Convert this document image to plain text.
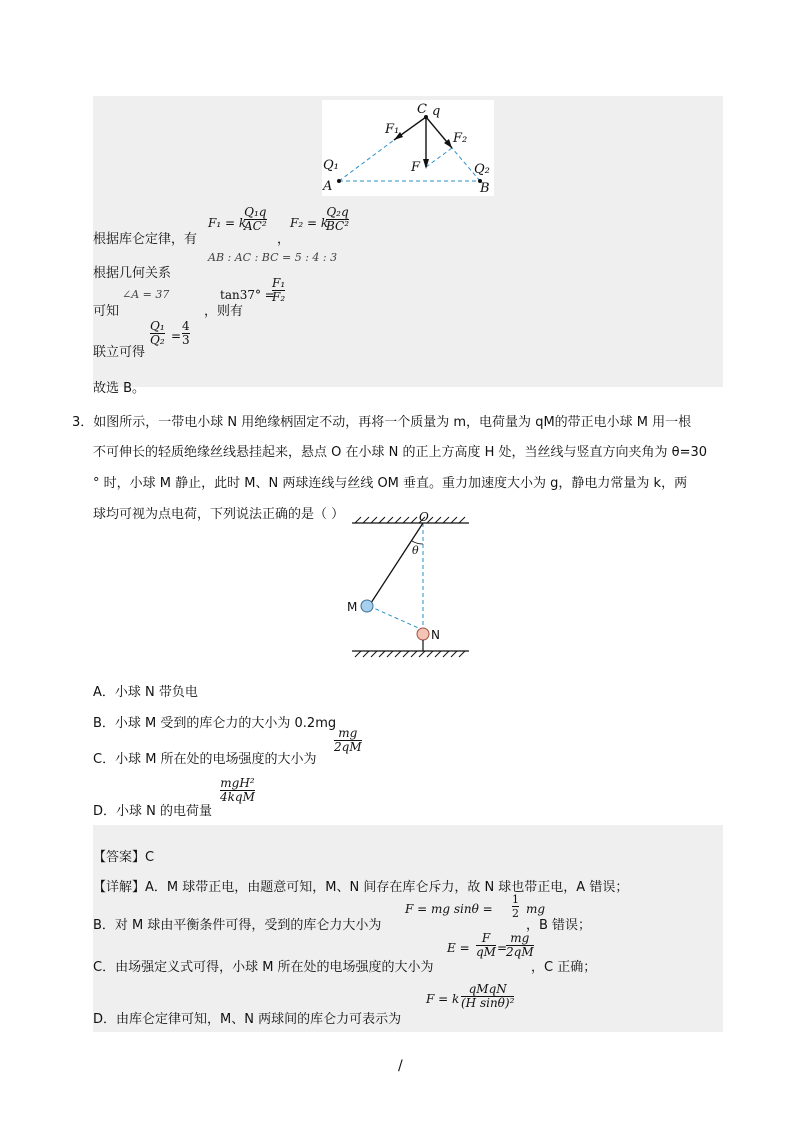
C q
F₁
F₂
F
Q₁
A
Q₂
B
F₁ = k
Q₁q
AC² F₂ = k
Q₂q
BC²
根据库仑定律，有	，
AB : AC : BC = 5 : 4 : 3
根据几何关系
∠A = 37	tan37° =
F₁
F₂
可知	，则有
Q₁
Q₂ =
4
3
联立可得
故选 B。
3．如图所示，一带电小球 N 用绝缘柄固定不动，再将一个质量为 m，电荷量为 qM的带正电小球 M 用一根
不可伸长的轻质绝缘丝线悬挂起来，悬点 O 在小球 N 的正上方高度 H 处，当丝线与竖直方向夹角为 θ=30
° 时，小球 M 静止，此时 M、N 两球连线与丝线 OM 垂直。重力加速度大小为 g，静电力常量为 k，两
球均可视为点电荷，下列说法正确的是（ ）	O
θ
M
N
A．小球 N 带负电
B．小球 M 受到的库仑力的大小为 0.2mg
mg
2qM
C．小球 M 所在处的电场强度的大小为
mgH²
4kqM
D．小球 N 的电荷量
【答案】C
【详解】A．M 球带正电，由题意可知，M、N 间存在库仑斥力，故 N 球也带正电，A 错误；
F = mg sinθ =
1
2 mg
B．对 M 球由平衡条件可得，受到的库仑力大小为	，B 错误；
E =
F
qM =
mg
2qM
C．由场强定义式可得，小球 M 所在处的电场强度的大小为	，C 正确；
F = k
qMqN
(H sinθ)²
D．由库仑定律可知，M、N 两球间的库仑力可表示为
/
